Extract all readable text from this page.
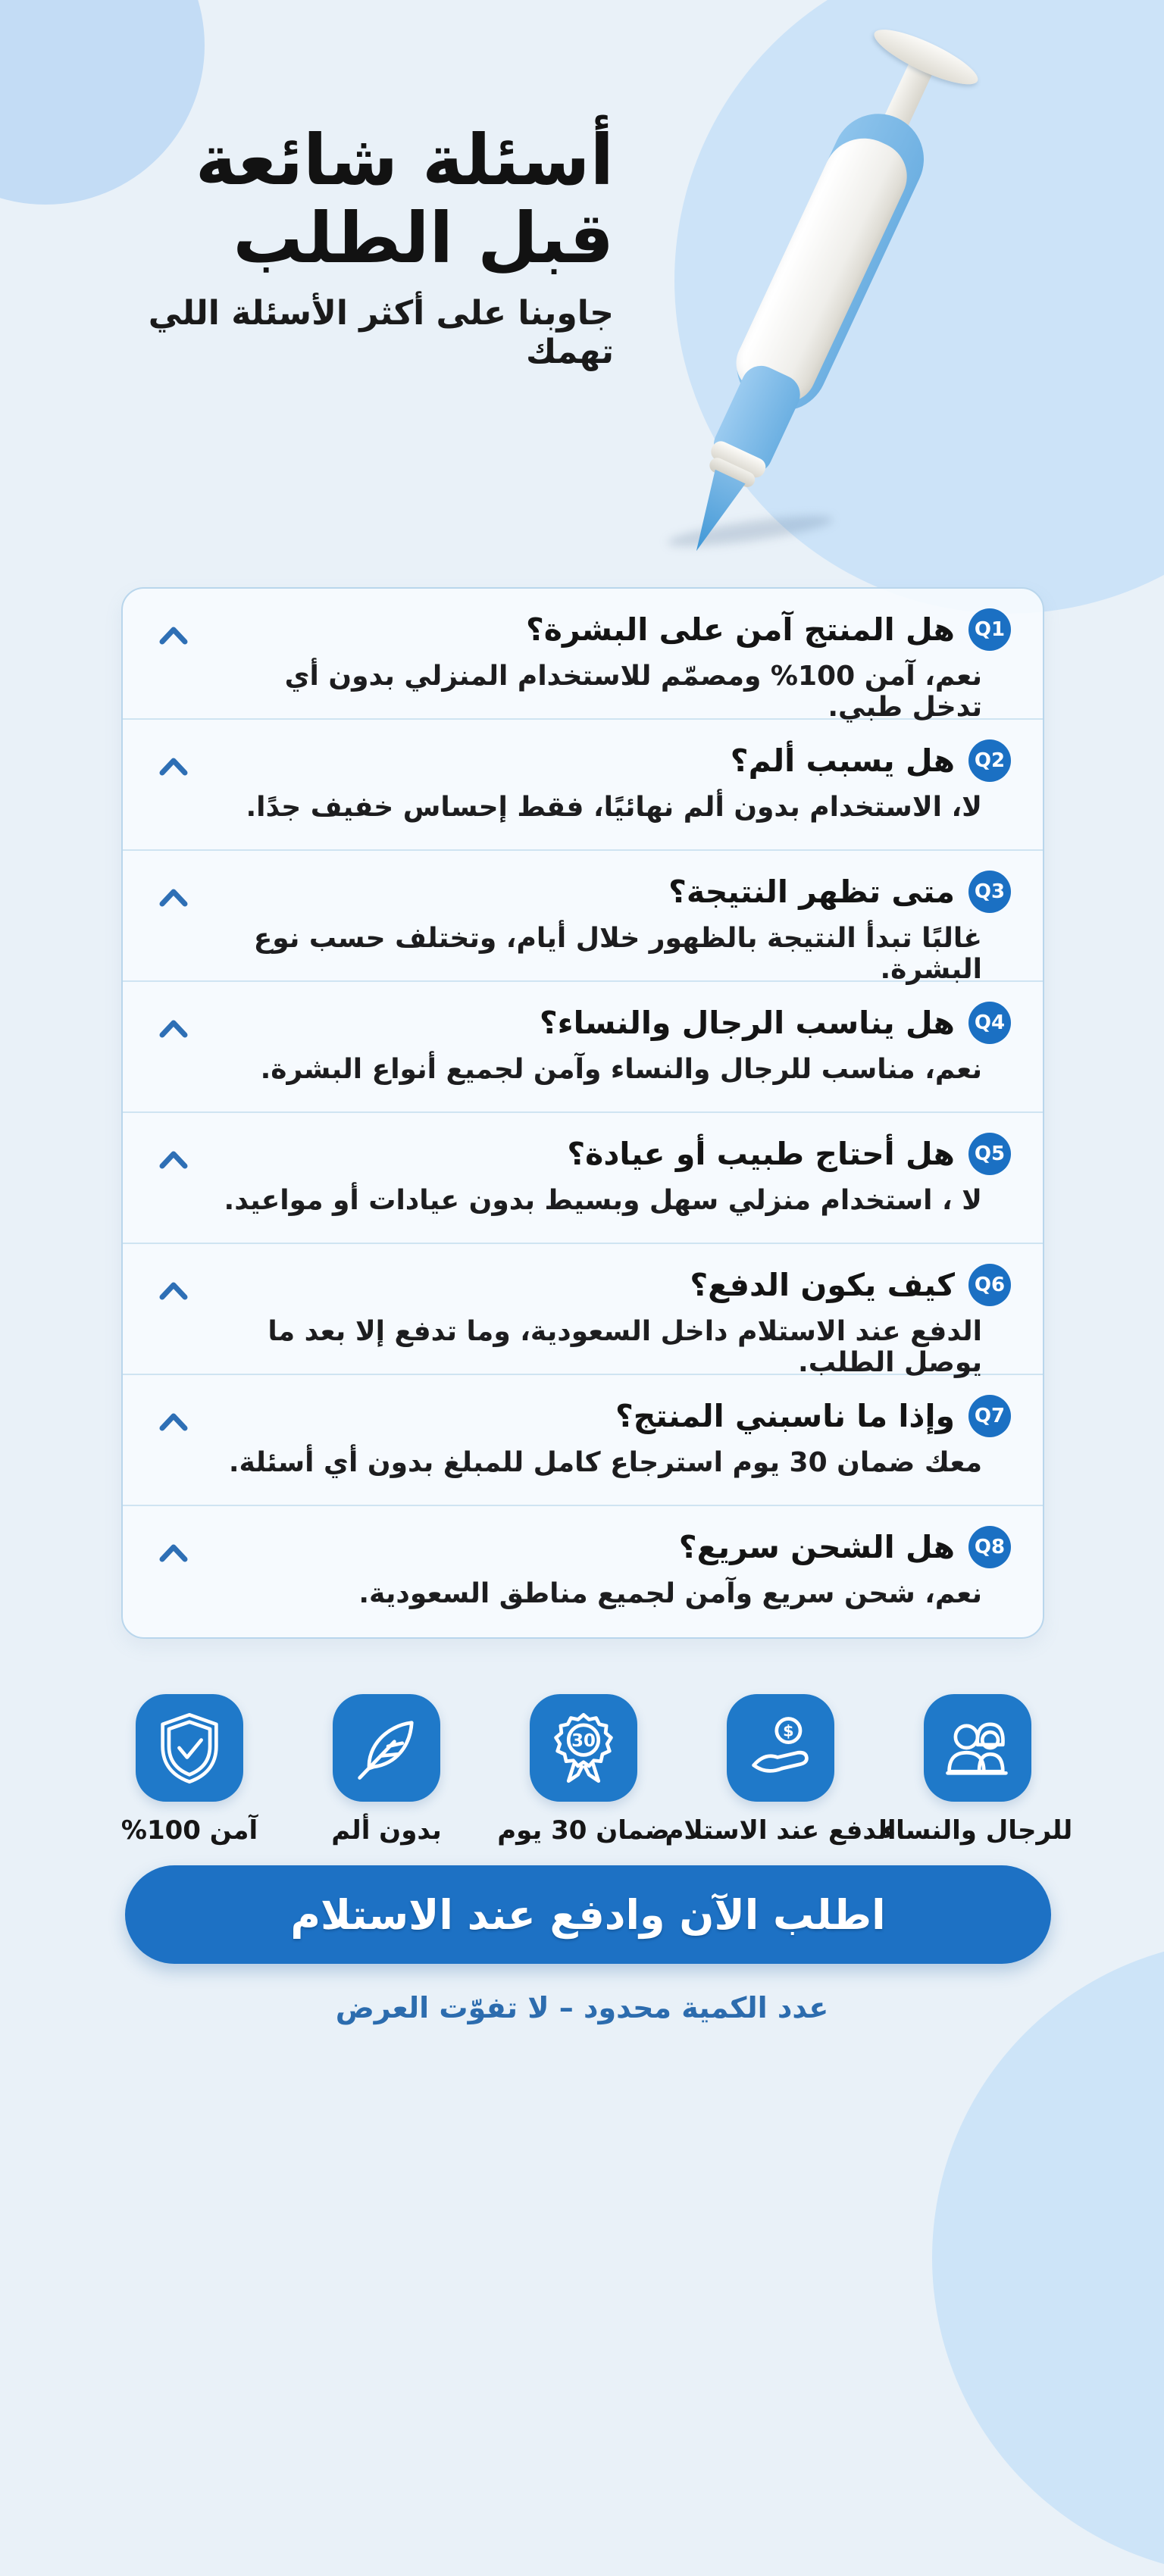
أسئلة شائعة
قبل الطلب
جاوبنا على أكثر الأسئلة اللي تهمك
Q1
هل المنتج آمن على البشرة؟
نعم، آمن 100% ومصمّم للاستخدام المنزلي بدون أي تدخل طبي.
Q2
هل يسبب ألم؟
لا، الاستخدام بدون ألم نهائيًا، فقط إحساس خفيف جدًا.
Q3
متى تظهر النتيجة؟
غالبًا تبدأ النتيجة بالظهور خلال أيام، وتختلف حسب نوع البشرة.
Q4
هل يناسب الرجال والنساء؟
نعم، مناسب للرجال والنساء وآمن لجميع أنواع البشرة.
Q5
هل أحتاج طبيب أو عيادة؟
لا ، استخدام منزلي سهل وبسيط بدون عيادات أو مواعيد.
Q6
كيف يكون الدفع؟
الدفع عند الاستلام داخل السعودية، وما تدفع إلا بعد ما يوصل الطلب.
Q7
وإذا ما ناسبني المنتج؟
معك ضمان 30 يوم استرجاع كامل للمبلغ بدون أي أسئلة.
Q8
هل الشحن سريع؟
نعم، شحن سريع وآمن لجميع مناطق السعودية.
للرجال والنساء
$
الدفع عند الاستلام
30
ضمان 30 يوم
بدون ألم
آمن 100%
اطلب الآن وادفع عند الاستلام
عدد الكمية محدود – لا تفوّت العرض
